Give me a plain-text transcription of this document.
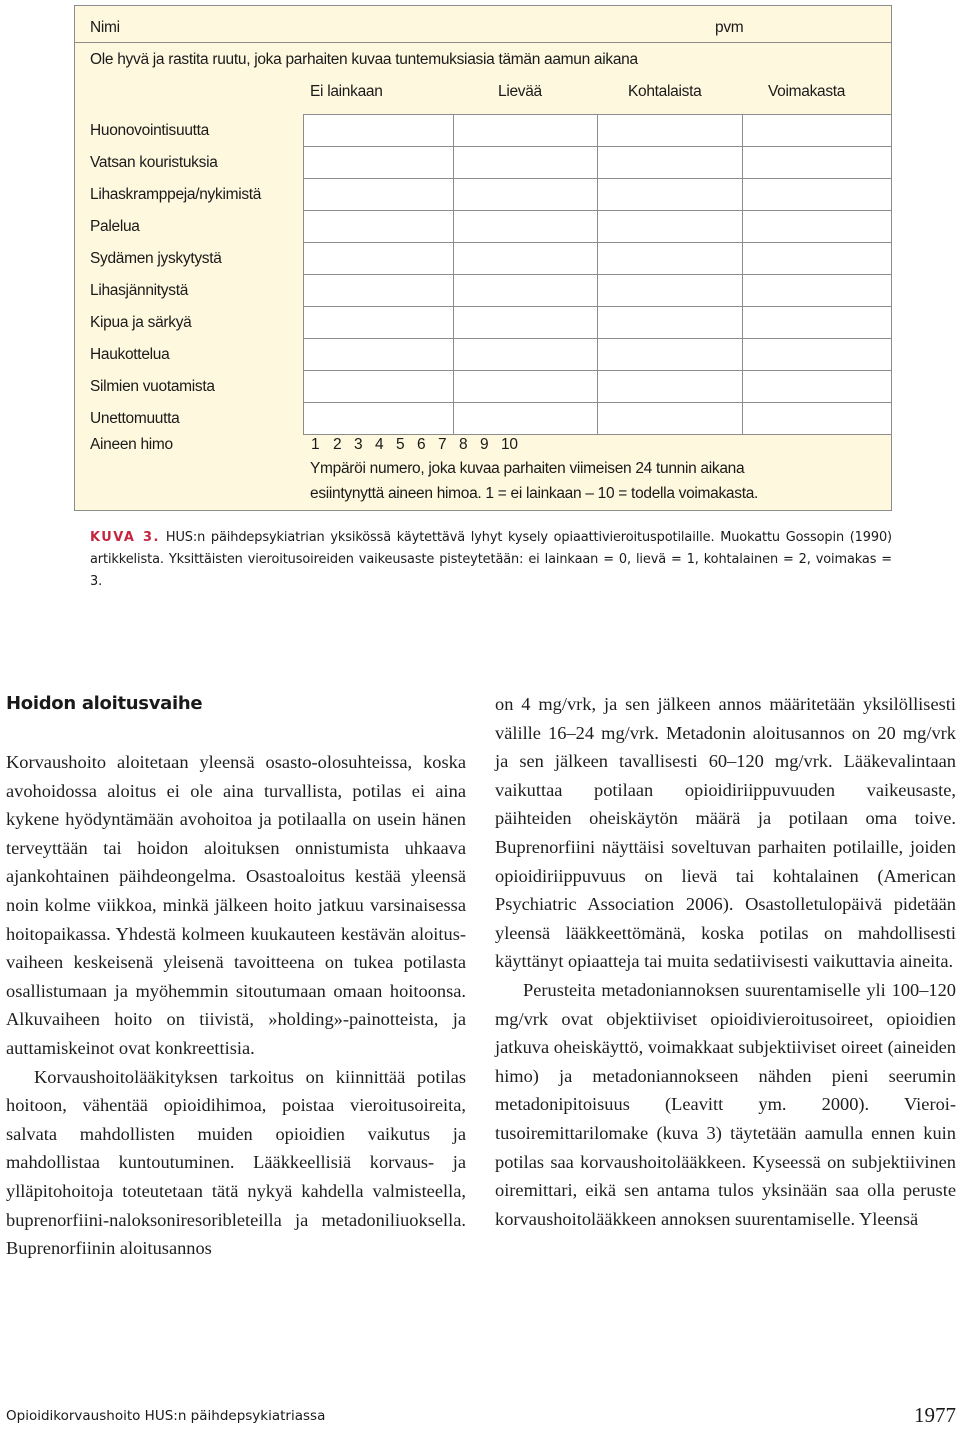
Nimi	pvm
Ole hyvä ja rastita ruutu, joka parhaiten kuvaa tuntemuksiasia tämän aamun aikana
Ei lainkaan	Lievää	Kohtalaista	Voimakasta
Huonovointisuutta
Vatsan kouristuksia
Lihaskramppeja/nykimistä
Palelua
Sydämen jyskytystä
Lihasjännitystä
Kipua ja särkyä
Haukottelua
Silmien vuotamista
Unettomuutta
Aineen himo	1 2 3 4 5 6 7 8 9 10
Ympäröi numero, joka kuvaa parhaiten viimeisen 24 tunnin aikana
esiintynyttä aineen himoa. 1 = ei lainkaan – 10 = todella voimakasta.
KUVA 3. HUS:n päihdepsykiatrian yksikössä käytettävä lyhyt kysely opiaattivieroituspotilaille. Muokattu Gossopin (1990) artikkelista. Yksittäisten vieroitusoireiden vaikeusaste pisteytetään: ei lainkaan = 0, lievä = 1, kohtalainen = 2, voimakas = 3.
Hoidon aloitusvaihe

Korvaushoito aloitetaan yleensä osasto-olosuhteissa, koska avohoidossa aloitus ei ole aina turvallista, potilas ei aina kykene hyödyntämään avohoitoa ja potilaalla on usein hänen terveyttään tai hoidon aloituksen onnistumista uhkaava ajankohtainen päihdeongelma. Osastoaloitus kestää yleensä noin kolme viikkoa, minkä jälkeen hoito jatkuu varsinaisessa hoitopaikassa. Yhdestä kolmeen kuukauteen kestävän aloitusvaiheen keskeisenä yleisenä tavoitteena on tukea potilasta osallistumaan ja myöhemmin sitoutumaan omaan hoitoonsa. Alkuvaiheen hoito on tiivistä, »holding»-painotteista, ja auttamiskeinot ovat konkreettisia.

Korvaushoitolääkityksen tarkoitus on kiinnittää potilas hoitoon, vähentää opioidihimoa, poistaa vieroitusoireita, salvata mahdollisten muiden opioidien vaikutus ja mahdollistaa kuntoutuminen. Lääkkeellisiä korvaus- ja ylläpitohoitoja toteutetaan tätä nykyä kahdella valmisteella, buprenorfiini-naloksoniresoribleteilla ja metadoniliuoksella. Buprenorfiinin aloitusannos

on 4 mg/vrk, ja sen jälkeen annos määritetään yksilöllisesti välille 16–24 mg/vrk. Metadonin aloitusannos on 20 mg/vrk ja sen jälkeen tavallisesti 60–120 mg/vrk. Lääkevalintaan vaikuttaa potilaan opioidiriippuvuuden vaikeusaste, päihteiden oheiskäytön määrä ja potilaan oma toive. Buprenorfiini näyttäisi soveltuvan parhaiten potilaille, joiden opioidiriippuvuus on lievä tai kohtalainen (American Psychiatric Association 2006). Osastolletulopäivä pidetään yleensä lääkkeettömänä, koska potilas on mahdollisesti käyttänyt opiaatteja tai muita sedatiivisesti vaikuttavia aineita.

Perusteita metadoniannoksen suurentamiselle yli 100–120 mg/vrk ovat objektiiviset opioidivieroitusoireet, opioidien jatkuva oheiskäyttö, voimakkaat subjektiiviset oireet (aineiden himo) ja metadoniannokseen nähden pieni seerumin metadonipitoisuus (Leavitt ym. 2000). Vieroitusoiremittarilomake (kuva 3) täytetään aamulla ennen kuin potilas saa korvaushoitolääkkeen. Kyseessä on subjektiivinen oiremittari, eikä sen antama tulos yksinään saa olla peruste korvaushoitolääkkeen annoksen suurentamiselle. Yleensä

Opioidikorvaushoito HUS:n päihdepsykiatriassa	1977
